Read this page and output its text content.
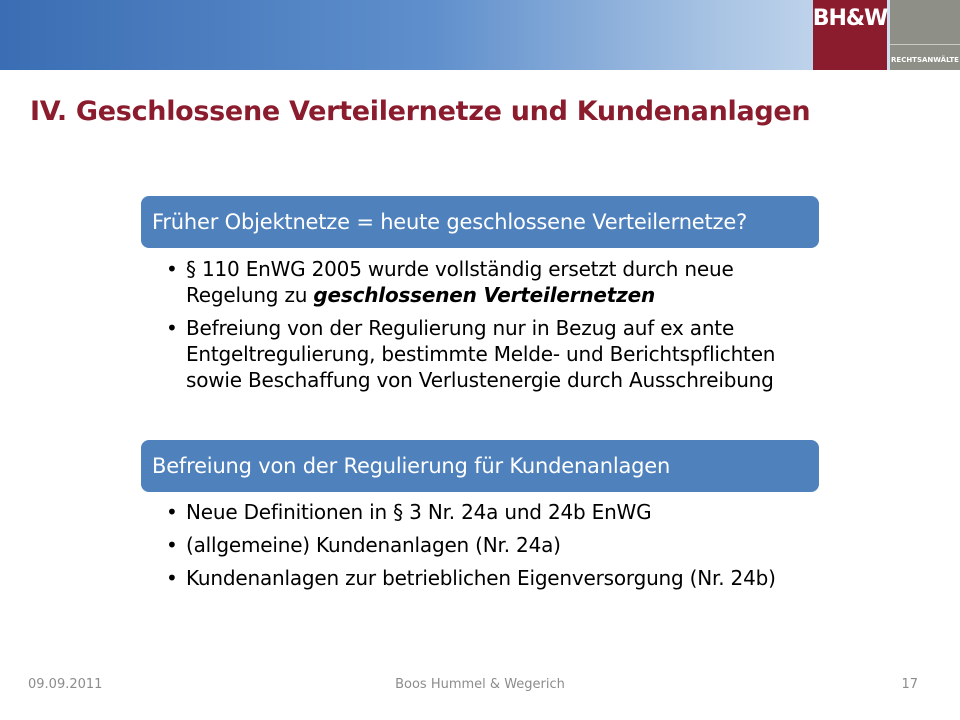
BH&W
RECHTSANWÄLTE
IV. Geschlossene Verteilernetze und Kundenanlagen
Früher Objektnetze = heute geschlossene Verteilernetze?
• § 110 EnWG 2005 wurde vollständig ersetzt durch neue Regelung zu geschlossenen Verteilernetzen
• Befreiung von der Regulierung nur in Bezug auf ex ante Entgeltregulierung, bestimmte Melde- und Berichtspflichten sowie Beschaffung von Verlustenergie durch Ausschreibung
Befreiung von der Regulierung für Kundenanlagen
• Neue Definitionen in § 3 Nr. 24a und 24b EnWG
• (allgemeine) Kundenanlagen (Nr. 24a)
• Kundenanlagen zur betrieblichen Eigenversorgung (Nr. 24b)
09.09.2011	Boos Hummel & Wegerich	17
